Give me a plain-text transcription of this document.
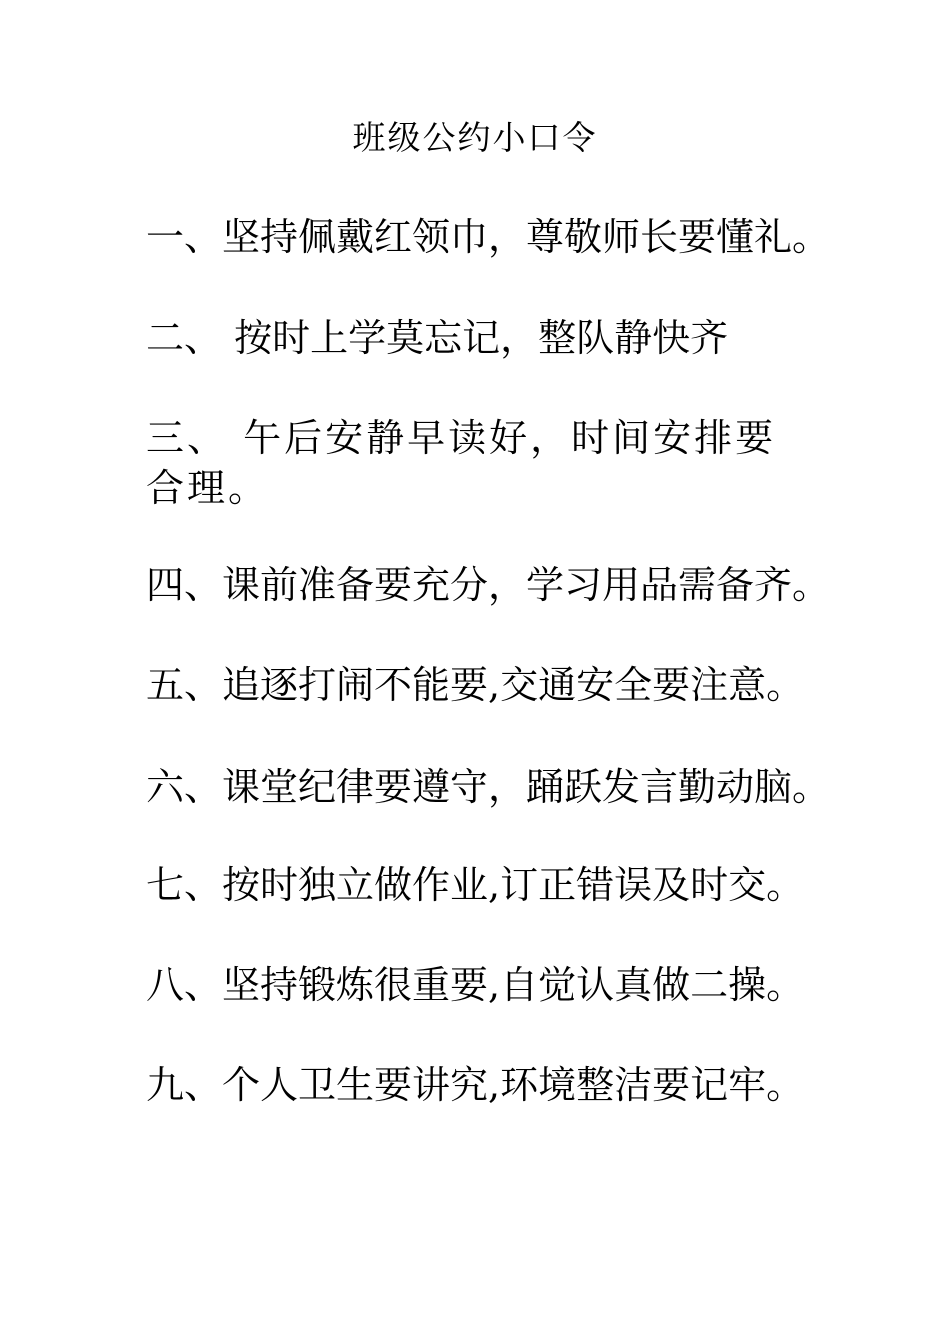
班级公约小口令
一、坚持佩戴红领巾，尊敬师长要懂礼。
二、 按时上学莫忘记，整队静快齐
三、 午后安静早读好，时间安排要合理。
四、课前准备要充分，学习用品需备齐。
五、追逐打闹不能要,交通安全要注意。
六、课堂纪律要遵守，踊跃发言勤动脑。
七、按时独立做作业,订正错误及时交。
八、坚持锻炼很重要,自觉认真做二操。
九、个人卫生要讲究,环境整洁要记牢。
